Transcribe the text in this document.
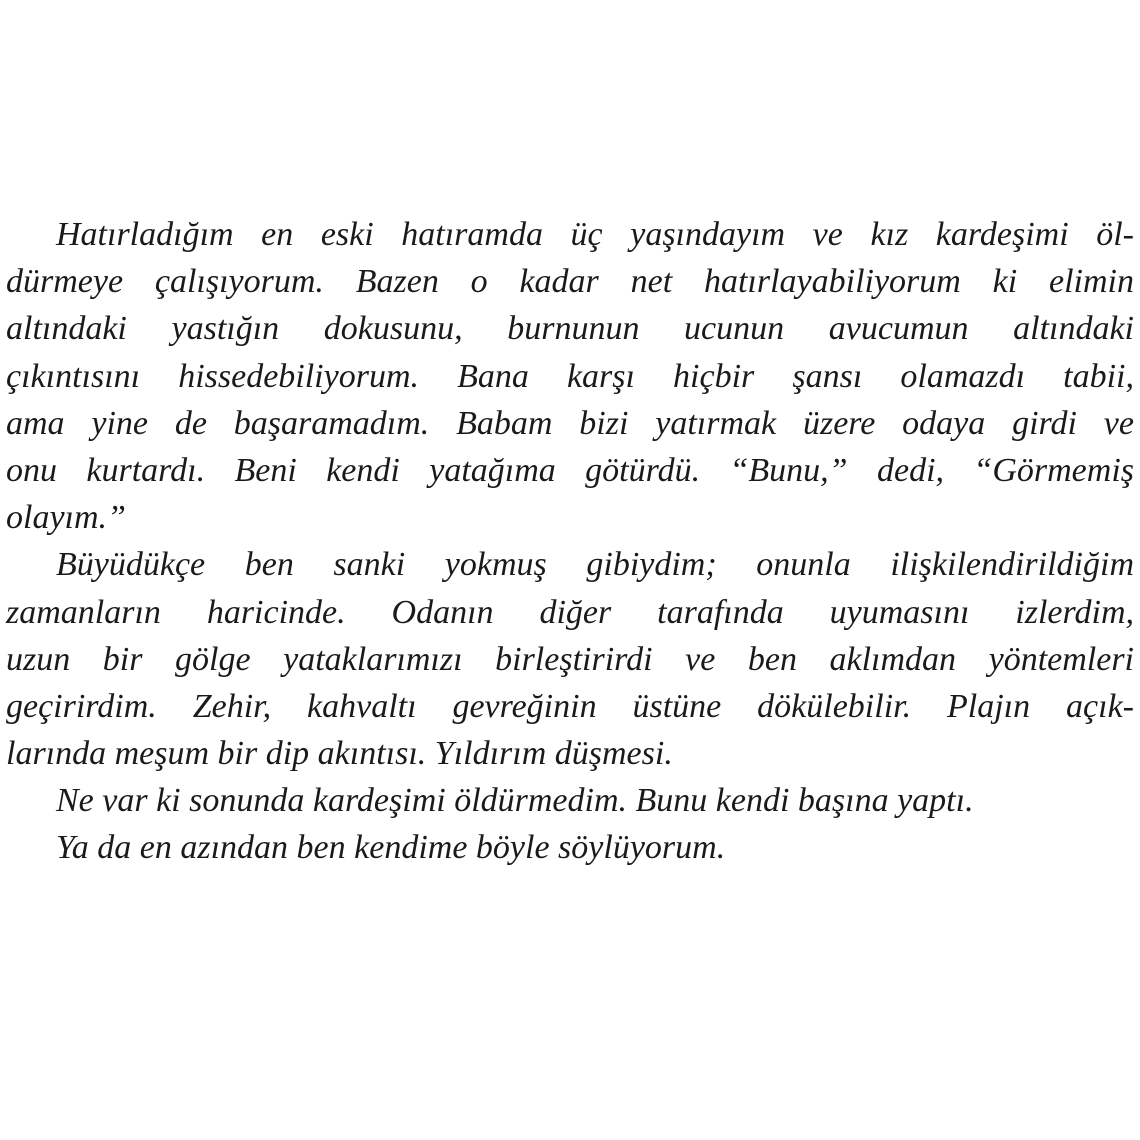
Hatırladığım en eski hatıramda üç yaşındayım ve kız kardeşimi öl-
dürmeye çalışıyorum. Bazen o kadar net hatırlayabiliyorum ki elimin
altındaki yastığın dokusunu, burnunun ucunun avucumun altındaki
çıkıntısını hissedebiliyorum. Bana karşı hiçbir şansı olamazdı tabii,
ama yine de başaramadım. Babam bizi yatırmak üzere odaya girdi ve
onu kurtardı. Beni kendi yatağıma götürdü. “Bunu,” dedi, “Görmemiş
olayım.”
Büyüdükçe ben sanki yokmuş gibiydim; onunla ilişkilendirildiğim
zamanların haricinde. Odanın diğer tarafında uyumasını izlerdim,
uzun bir gölge yataklarımızı birleştirirdi ve ben aklımdan yöntemleri
geçirirdim. Zehir, kahvaltı gevreğinin üstüne dökülebilir. Plajın açık-
larında meşum bir dip akıntısı. Yıldırım düşmesi.
Ne var ki sonunda kardeşimi öldürmedim. Bunu kendi başına yaptı.
Ya da en azından ben kendime böyle söylüyorum.
